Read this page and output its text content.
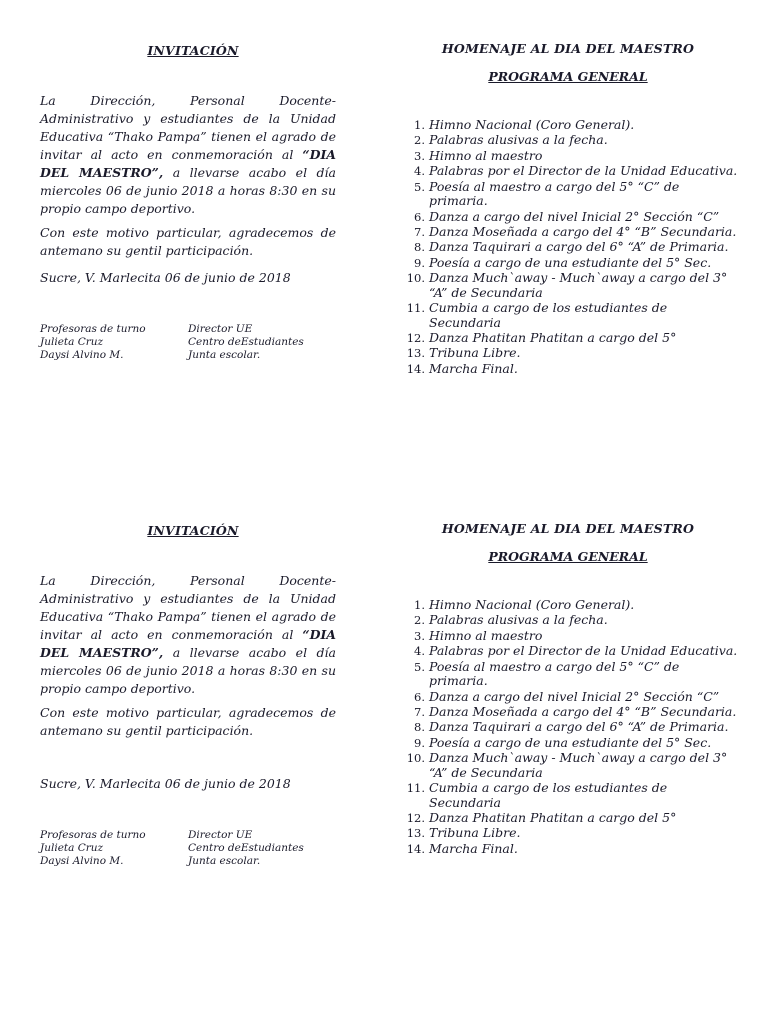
INVITACIÓN
La Dirección, Personal Docente-Administrativo y estudiantes de la Unidad Educativa “Thako Pampa” tienen el agrado de invitar al acto en conmemoración al “DIA DEL MAESTRO”, a llevarse acabo el día miercoles 06 de junio 2018 a horas 8:30 en su propio campo deportivo.
Con este motivo particular, agradecemos de antemano su gentil participación.
Sucre, V. Marlecita 06 de junio de 2018
Profesoras de turno
Julieta Cruz
Daysi Alvino M.
Director UE
Centro deEstudiantes
Junta escolar.
HOMENAJE AL DIA DEL MAESTRO
PROGRAMA GENERAL
1. Himno Nacional (Coro General).
2. Palabras alusivas a la fecha.
3. Himno al maestro
4. Palabras por el Director de la Unidad Educativa.
5. Poesía al maestro a cargo del 5° “C” de primaria.
6. Danza a cargo del nivel Inicial 2° Sección “C”
7. Danza Moseñada a cargo del 4° “B” Secundaria.
8. Danza Taquirari a cargo del 6° “A” de Primaria.
9. Poesía a cargo de una estudiante del 5° Sec.
10. Danza Much`away - Much`away a cargo del 3° “A” de Secundaria
11. Cumbia a cargo de los estudiantes de Secundaria
12. Danza Phatitan Phatitan a cargo del 5°
13. Tribuna Libre.
14. Marcha Final.
INVITACIÓN
La Dirección, Personal Docente-Administrativo y estudiantes de la Unidad Educativa “Thako Pampa” tienen el agrado de invitar al acto en conmemoración al “DIA DEL MAESTRO”, a llevarse acabo el día miercoles 06 de junio 2018 a horas 8:30 en su propio campo deportivo.
Con este motivo particular, agradecemos de antemano su gentil participación.
Sucre, V. Marlecita 06 de junio de 2018
Profesoras de turno
Julieta Cruz
Daysi Alvino M.
Director UE
Centro deEstudiantes
Junta escolar.
HOMENAJE AL DIA DEL MAESTRO
PROGRAMA GENERAL
1. Himno Nacional (Coro General).
2. Palabras alusivas a la fecha.
3. Himno al maestro
4. Palabras por el Director de la Unidad Educativa.
5. Poesía al maestro a cargo del 5° “C” de primaria.
6. Danza a cargo del nivel Inicial 2° Sección “C”
7. Danza Moseñada a cargo del 4° “B” Secundaria.
8. Danza Taquirari a cargo del 6° “A” de Primaria.
9. Poesía a cargo de una estudiante del 5° Sec.
10. Danza Much`away - Much`away a cargo del 3° “A” de Secundaria
11. Cumbia a cargo de los estudiantes de Secundaria
12. Danza Phatitan Phatitan a cargo del 5°
13. Tribuna Libre.
14. Marcha Final.
